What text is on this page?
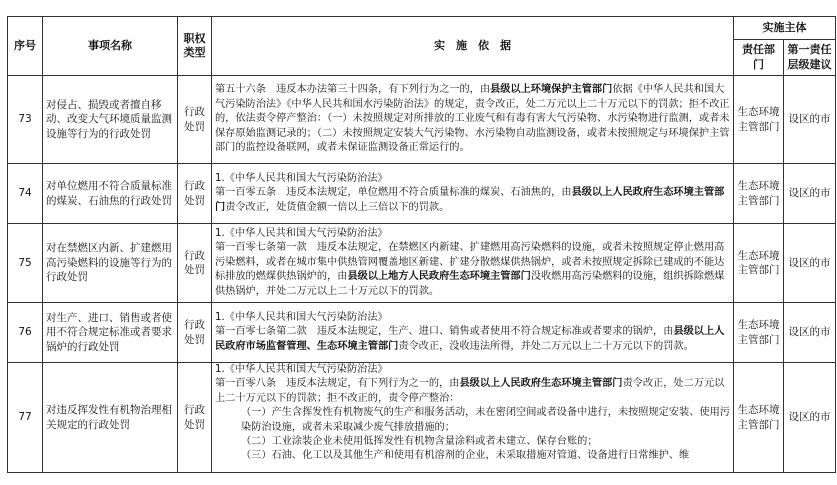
序号	事项名称	职权类型	实　施　依　据	实施主体	
				责任部门	第一责任层级建议
73	对侵占、损毁或者擅自移动、改变大气环境质量监测设施等行为的行政处罚	行政处罚	第五十六条　违反本办法第三十四条，有下列行为之一的，由县级以上环境保护主管部门依据《中华人民共和国大气污染防治法》《中华人民共和国水污染防治法》的规定，责令改正，处二万元以上二十万元以下的罚款；拒不改正的，依法责令停产整治：（一）未按照规定对所排放的工业废气和有毒有害大气污染物、水污染物进行监测，或者未保存原始监测记录的；（二）未按照规定安装大气污染物、水污染物自动监测设备，或者未按照规定与环境保护主管部门的监控设备联网，或者未保证监测设备正常运行的。	生态环境主管部门	设区的市
74	对单位燃用不符合质量标准的煤炭、石油焦的行政处罚	行政处罚	1.《中华人民共和国大气污染防治法》
第一百零五条　违反本法规定，单位燃用不符合质量标准的煤炭、石油焦的，由县级以上人民政府生态环境主管部门责令改正，处货值金额一倍以上三倍以下的罚款。	生态环境主管部门	设区的市
75	对在禁燃区内新、扩建燃用高污染燃料的设施等行为的行政处罚	行政处罚	1.《中华人民共和国大气污染防治法》
第一百零七条第一款　违反本法规定，在禁燃区内新建、扩建燃用高污染燃料的设施，或者未按照规定停止燃用高污染燃料，或者在城市集中供热管网覆盖地区新建、扩建分散燃煤供热锅炉，或者未按照规定拆除已建成的不能达标排放的燃煤供热锅炉的，由县级以上地方人民政府生态环境主管部门没收燃用高污染燃料的设施，组织拆除燃煤供热锅炉，并处二万元以上二十万元以下的罚款。	生态环境主管部门	设区的市
76	对生产、进口、销售或者使用不符合规定标准或者要求锅炉的行政处罚	行政处罚	1.《中华人民共和国大气污染防治法》
第一百零七条第二款　违反本法规定，生产、进口、销售或者使用不符合规定标准或者要求的锅炉，由县级以上人民政府市场监督管理、生态环境主管部门责令改正，没收违法所得，并处二万元以上二十万元以下的罚款。	生态环境主管部门	设区的市
77	对违反挥发性有机物治理相关规定的行政处罚	行政处罚	1.《中华人民共和国大气污染防治法》
第一百零八条　违反本法规定，有下列行为之一的，由县级以上人民政府生态环境主管部门责令改正，处二万元以上二十万元以下的罚款；拒不改正的，责令停产整治：
（一）产生含挥发性有机物废气的生产和服务活动，未在密闭空间或者设备中进行，未按照规定安装、使用污染防治设施，或者未采取减少废气排放措施的；
（二）工业涂装企业未使用低挥发性有机物含量涂料或者未建立、保存台账的；
（三）石油、化工以及其他生产和使用有机溶剂的企业，未采取措施对管道、设备进行日常维护、维	生态环境主管部门	设区的市
